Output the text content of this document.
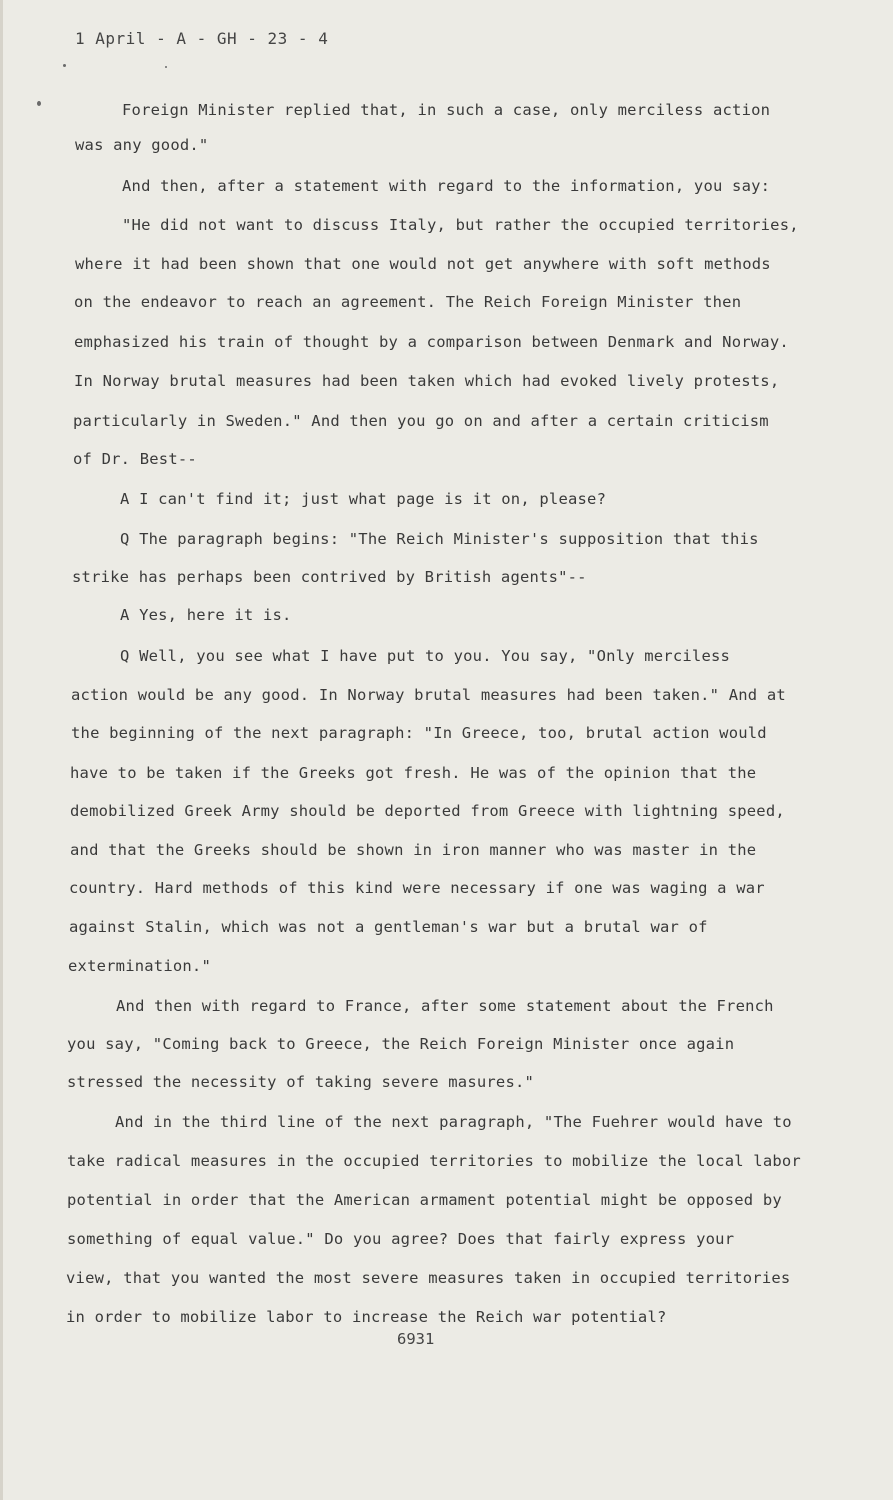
1 April - A - GH - 23 - 4
Foreign Minister replied that, in such a case, only merciless action
was any good."
And then, after a statement with regard to the information, you say:
"He did not want to discuss Italy, but rather the occupied territories,
where it had been shown that one would not get anywhere with soft methods
on the endeavor to reach an agreement. The Reich Foreign Minister then
emphasized his train of thought by a comparison between Denmark and Norway.
In Norway brutal measures had been taken which had evoked lively protests,
particularly in Sweden." And then you go on and after a certain criticism
of Dr. Best--
A I can't find it; just what page is it on, please?
Q The paragraph begins: "The Reich Minister's supposition that this
strike has perhaps been contrived by British agents"--
A Yes, here it is.
Q Well, you see what I have put to you. You say, "Only merciless
action would be any good. In Norway brutal measures had been taken." And at
the beginning of the next paragraph: "In Greece, too, brutal action would
have to be taken if the Greeks got fresh. He was of the opinion that the
demobilized Greek Army should be deported from Greece with lightning speed,
and that the Greeks should be shown in iron manner who was master in the
country. Hard methods of this kind were necessary if one was waging a war
against Stalin, which was not a gentleman's war but a brutal war of
extermination."
And then with regard to France, after some statement about the French
you say, "Coming back to Greece, the Reich Foreign Minister once again
stressed the necessity of taking severe masures."
And in the third line of the next paragraph, "The Fuehrer would have to
take radical measures in the occupied territories to mobilize the local labor
potential in order that the American armament potential might be opposed by
something of equal value." Do you agree? Does that fairly express your
view, that you wanted the most severe measures taken in occupied territories
in order to mobilize labor to increase the Reich war potential?
6931
